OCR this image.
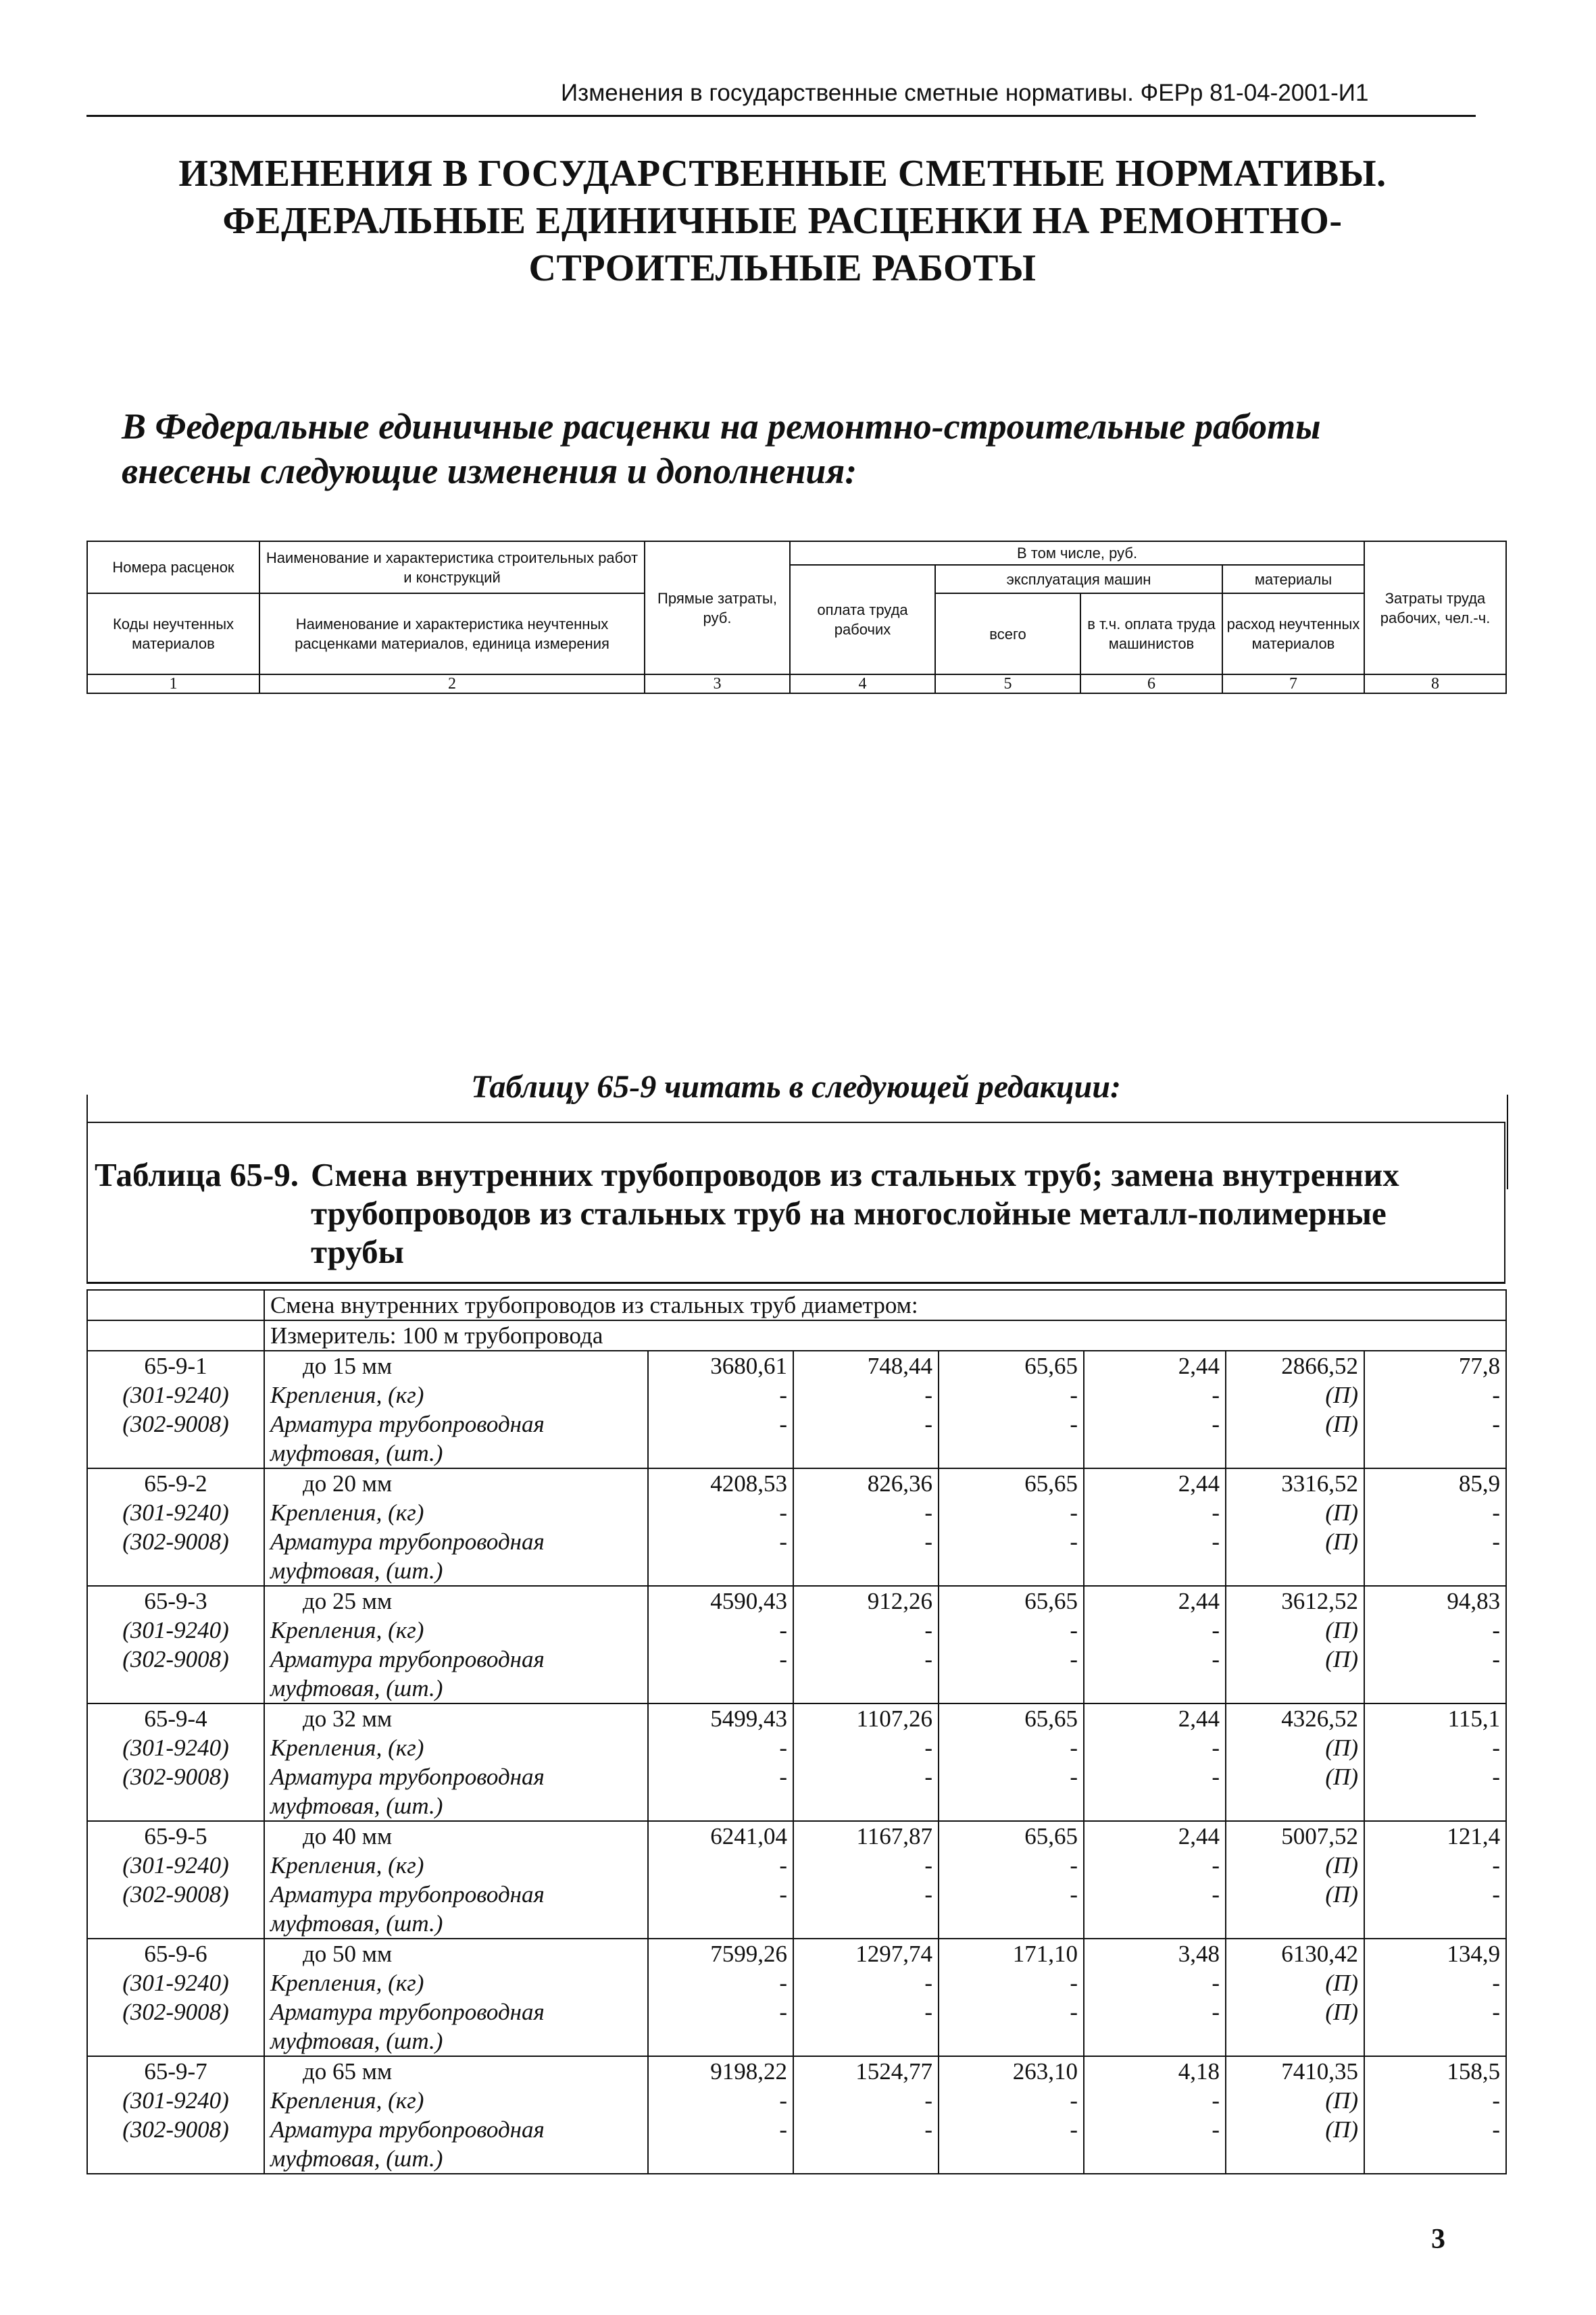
Изменения в государственные сметные нормативы. ФЕРр 81-04-2001-И1
ИЗМЕНЕНИЯ В ГОСУДАРСТВЕННЫЕ СМЕТНЫЕ НОРМАТИВЫ.
ФЕДЕРАЛЬНЫЕ ЕДИНИЧНЫЕ РАСЦЕНКИ НА РЕМОНТНО-
СТРОИТЕЛЬНЫЕ РАБОТЫ
В Федеральные единичные расценки на ремонтно-строительные работы
внесены следующие изменения и дополнения:
Номера расценок	Наименование и характеристика строительных работ и конструкций	Прямые затраты, руб.	В том числе, руб.				Затраты труда рабочих, чел.-ч.
			оплата труда рабочих	эксплуатация машин		материалы	
Коды неучтенных материалов	Наименование и характеристика неучтенных расценками материалов, единица измерения			всего	в т.ч. оплата труда машинистов	расход неучтенных материалов	

1	2	3	4	5	6	7	8
Таблицу 65-9 читать в следующей редакции:
Таблица 65-9. Смена внутренних трубопроводов из стальных труб; замена внутренних
трубопроводов из стальных труб на многослойные металл-полимерные
трубы
	Смена внутренних трубопроводов из стальных труб диаметром:						
	Измеритель: 100 м трубопровода						
65-9-1	до 15 мм	3680,61	748,44	65,65	2,44	2866,52	77,8
(301-9240)	Крепления, (кг)	-	-	-	-	(П)	-
(302-9008)	Арматура трубопроводная	-	-	-	-	(П)	-
	муфтовая, (шт.)						
65-9-2	до 20 мм	4208,53	826,36	65,65	2,44	3316,52	85,9
(301-9240)	Крепления, (кг)	-	-	-	-	(П)	-
(302-9008)	Арматура трубопроводная	-	-	-	-	(П)	-
	муфтовая, (шт.)						
65-9-3	до 25 мм	4590,43	912,26	65,65	2,44	3612,52	94,83
(301-9240)	Крепления, (кг)	-	-	-	-	(П)	-
(302-9008)	Арматура трубопроводная	-	-	-	-	(П)	-
	муфтовая, (шт.)						
65-9-4	до 32 мм	5499,43	1107,26	65,65	2,44	4326,52	115,1
(301-9240)	Крепления, (кг)	-	-	-	-	(П)	-
(302-9008)	Арматура трубопроводная	-	-	-	-	(П)	-
	муфтовая, (шт.)						
65-9-5	до 40 мм	6241,04	1167,87	65,65	2,44	5007,52	121,4
(301-9240)	Крепления, (кг)	-	-	-	-	(П)	-
(302-9008)	Арматура трубопроводная	-	-	-	-	(П)	-
	муфтовая, (шт.)						
65-9-6	до 50 мм	7599,26	1297,74	171,10	3,48	6130,42	134,9
(301-9240)	Крепления, (кг)	-	-	-	-	(П)	-
(302-9008)	Арматура трубопроводная	-	-	-	-	(П)	-
	муфтовая, (шт.)						
65-9-7	до 65 мм	9198,22	1524,77	263,10	4,18	7410,35	158,5
(301-9240)	Крепления, (кг)	-	-	-	-	(П)	-
(302-9008)	Арматура трубопроводная	-	-	-	-	(П)	-
	муфтовая, (шт.)						
3
